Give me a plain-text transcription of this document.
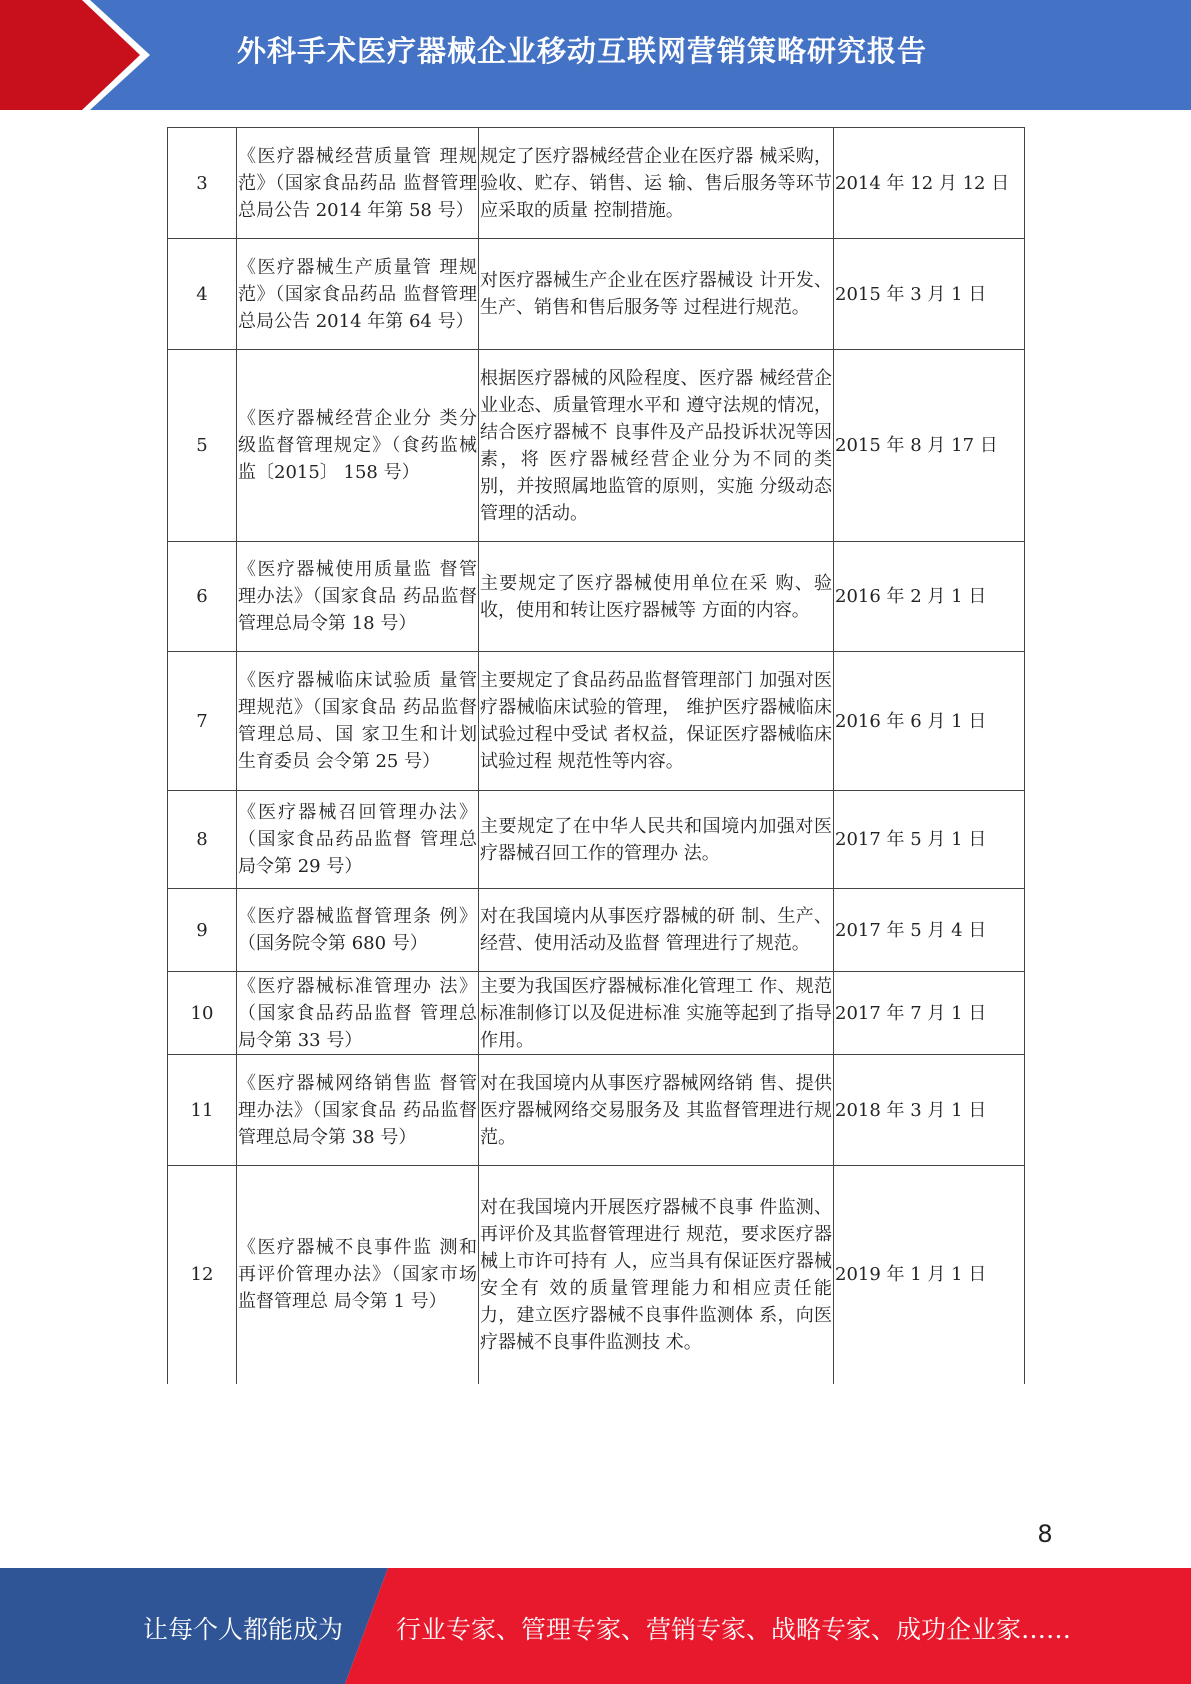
外科手术医疗器械企业移动互联网营销策略研究报告
3	《医疗器械经营质量管 理规范》（国家食品药品 监督管理总局公告 2014 年第 58 号）	规定了医疗器械经营企业在医疗器 械采购，验收、贮存、销售、运 输、售后服务等环节应采取的质量 控制措施。	2014 年 12 月 12 日
4	《医疗器械生产质量管 理规范》（国家食品药品 监督管理总局公告 2014 年第 64 号）	对医疗器械生产企业在医疗器械设 计开发、生产、销售和售后服务等 过程进行规范。	2015 年 3 月 1 日
5	《医疗器械经营企业分 类分级监督管理规定》（食药监械监〔2015〕 158 号）	根据医疗器械的风险程度、医疗器 械经营企业业态、质量管理水平和 遵守法规的情况，结合医疗器械不 良事件及产品投诉状况等因素，将 医疗器械经营企业分为不同的类 别，并按照属地监管的原则，实施 分级动态管理的活动。	2015 年 8 月 17 日
6	《医疗器械使用质量监 督管理办法》（国家食品 药品监督管理总局令第 18 号）	主要规定了医疗器械使用单位在采 购、验收，使用和转让医疗器械等 方面的内容。	2016 年 2 月 1 日
7	《医疗器械临床试验质 量管理规范》（国家食品 药品监督管理总局、国 家卫生和计划生育委员 会令第 25 号）	主要规定了食品药品监督管理部门 加强对医疗器械临床试验的管理， 维护医疗器械临床试验过程中受试 者权益，保证医疗器械临床试验过程 规范性等内容。	2016 年 6 月 1 日
8	《医疗器械召回管理办法》（国家食品药品监督 管理总局令第 29 号）	主要规定了在中华人民共和国境内加强对医疗器械召回工作的管理办 法。	2017 年 5 月 1 日
9	《医疗器械监督管理条 例》（国务院令第 680 号）	对在我国境内从事医疗器械的研 制、生产、经营、使用活动及监督 管理进行了规范。	2017 年 5 月 4 日
10	《医疗器械标准管理办 法》（国家食品药品监督 管理总局令第 33 号）	主要为我国医疗器械标准化管理工 作、规范标准制修订以及促进标准 实施等起到了指导作用。	2017 年 7 月 1 日
11	《医疗器械网络销售监 督管理办法》（国家食品 药品监督管理总局令第 38 号）	对在我国境内从事医疗器械网络销 售、提供医疗器械网络交易服务及 其监督管理进行规范。	2018 年 3 月 1 日
12	《医疗器械不良事件监 测和再评价管理办法》（国家市场监督管理总 局令第 1 号）	对在我国境内开展医疗器械不良事 件监测、再评价及其监督管理进行 规范，要求医疗器械上市许可持有 人，应当具有保证医疗器械安全有 效的质量管理能力和相应责任能 力，建立医疗器械不良事件监测体 系，向医疗器械不良事件监测技 术。	2019 年 1 月 1 日
8
让每个人都能成为 行业专家、管理专家、营销专家、战略专家、成功企业家……
